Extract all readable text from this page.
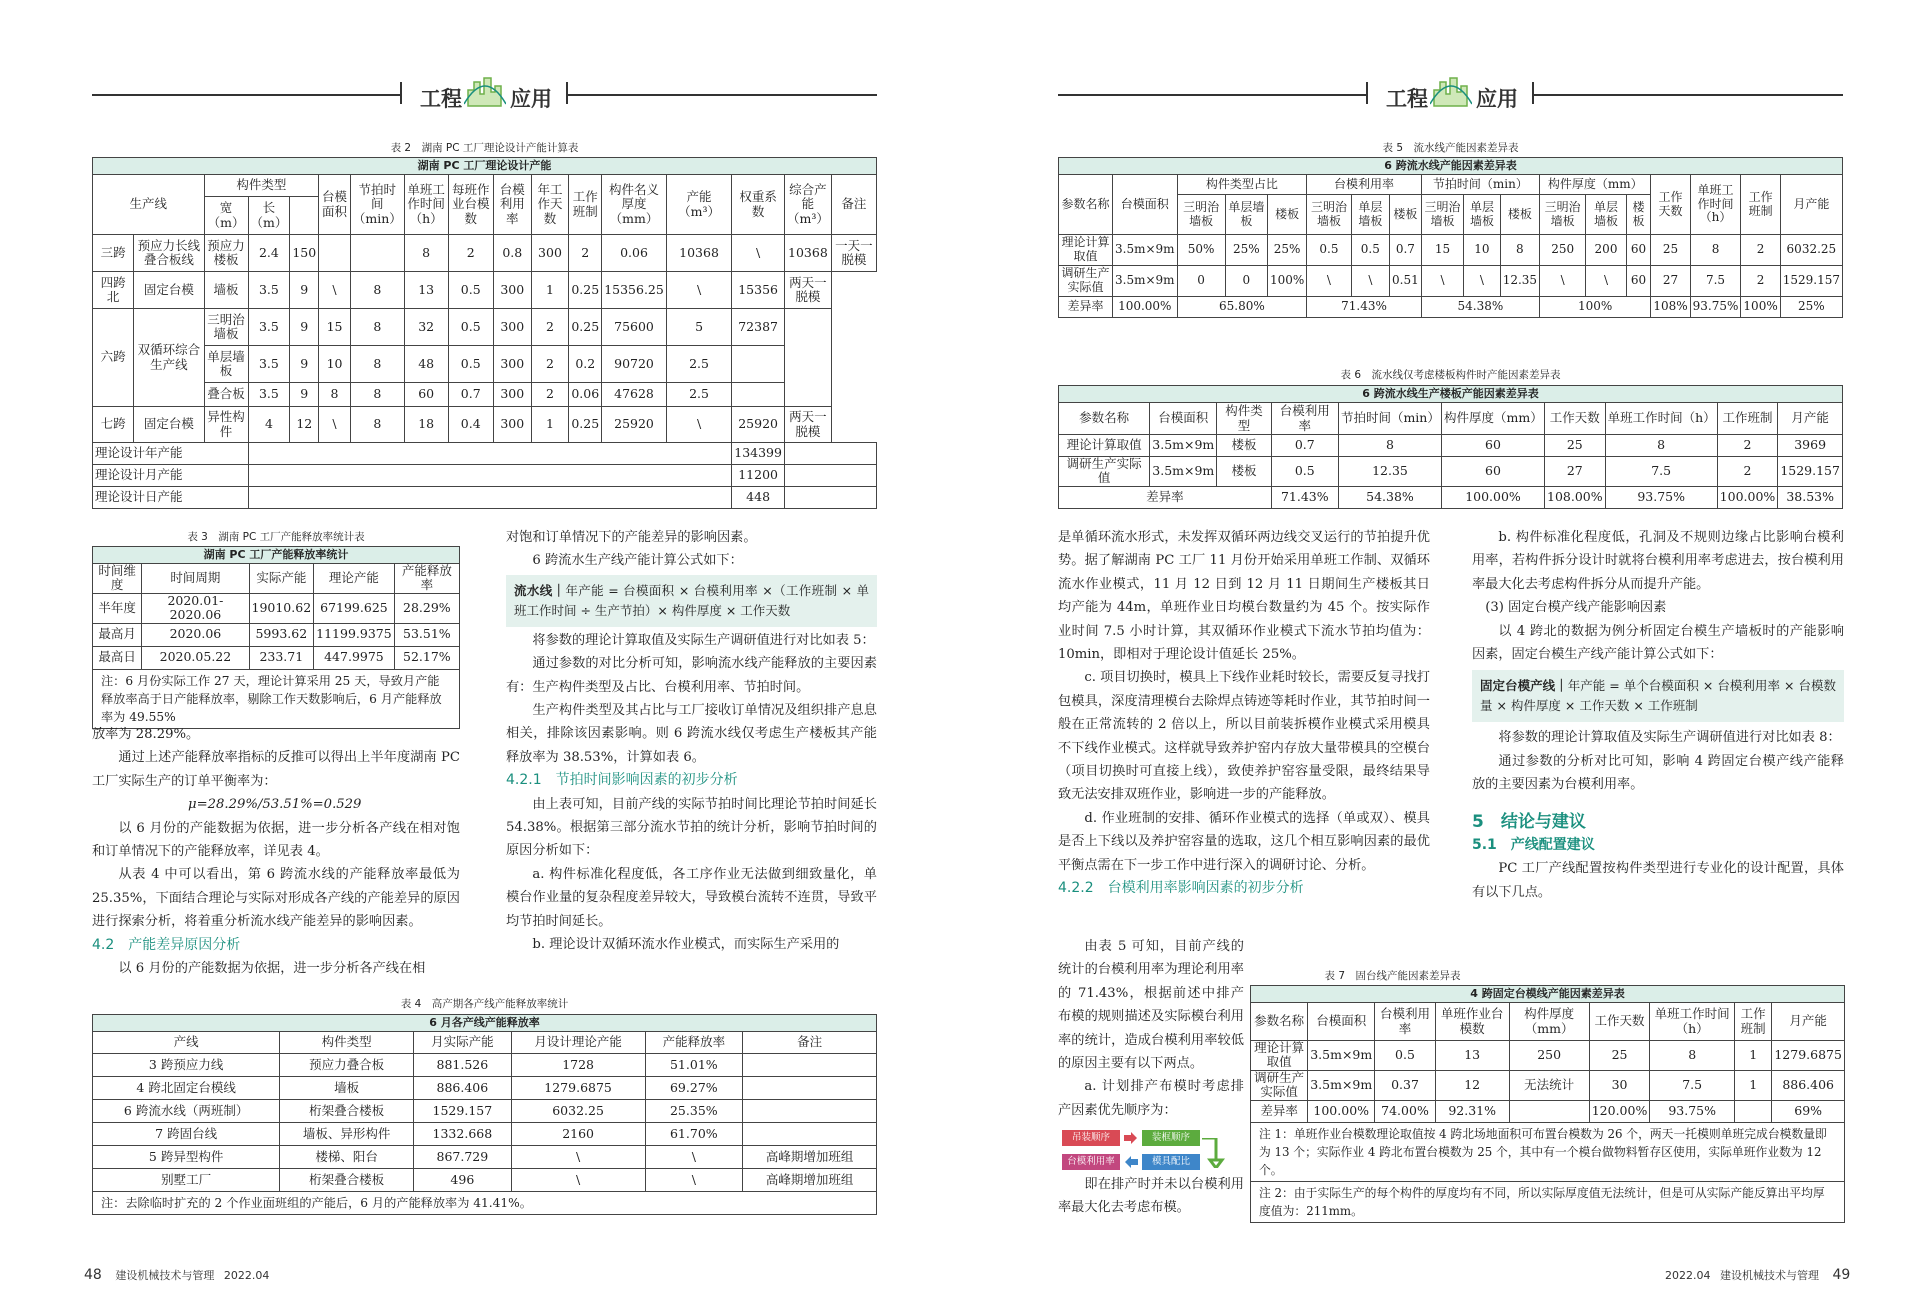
工程 应用
表 2　湖南 PC 工厂理论设计产能计算表
湖南 PC 工厂理论设计产能																
生产线		构件类型			台模面积	节拍时间（min）	单班工作时间（h）	每班作业台模数	台模利用率	年工作天数	工作班制	构件名义厚度（mm）	产能（m³）	权重系数	综合产能（m³）	备注
		宽（m）	长（m）													
三跨	预应力长线叠合板线	预应力楼板	2.4	150			8	2	0.8	300	2	0.06	10368	\	10368	一天一脱模
四跨北	固定台模	墙板	3.5	9	\	8	13	0.5	300	1	0.25	15356.25	\	15356	两天一脱模	
六跨	双循环综合生产线	三明治墙板	3.5	9	15	8	32	0.5	300	2	0.25	75600	5	72387		
		单层墙板	3.5	9	10	8	48	0.5	300	2	0.2	90720	2.5			
		叠合板	3.5	9	8	8	60	0.7	300	2	0.06	47628	2.5			
七跨	固定台模	异性构件	4	12	\	8	18	0.4	300	1	0.25	25920	\	25920	两天一脱模	
理论设计年产能														134399		
理论设计月产能														11200		
理论设计日产能														448		
表 3　湖南 PC 工厂产能释放率统计表
湖南 PC 工厂产能释放率统计				
时间维度	时间周期	实际产能	理论产能	产能释放率
半年度	2020.01-2020.06	19010.62	67199.625	28.29%
最高月	2020.06	5993.62	11199.9375	53.51%
最高日	2020.05.22	233.71	447.9975	52.17%
注：6 月份实际工作 27 天，理论计算采用 25 天，导致月产能释放率高于日产能释放率，剔除工作天数影响后，6 月产能释放率为 49.55%

放率为 28.29%。

通过上述产能释放率指标的反推可以得出上半年度湖南 PC 工厂实际生产的订单平衡率为：

μ=28.29%/53.51%=0.529

以 6 月份的产能数据为依据，进一步分析各产线在相对饱和订单情况下的产能释放率，详见表 4。

从表 4 中可以看出，第 6 跨流水线的产能释放率最低为 25.35%，下面结合理论与实际对形成各产线的产能差异的原因进行探索分析，将着重分析流水线产能差异的影响因素。

4.2　产能差异原因分析

以 6 月份的产能数据为依据，进一步分析各产线在相

对饱和订单情况下的产能差异的影响因素。

6 跨流水生产线产能计算公式如下：

流水线｜年产能 = 台模面积 × 台模利用率 ×（工作班制 × 单班工作时间 ÷ 生产节拍）× 构件厚度 × 工作天数

将参数的理论计算取值及实际生产调研值进行对比如表 5：

通过参数的对比分析可知，影响流水线产能释放的主要因素有：生产构件类型及占比、台模利用率、节拍时间。

生产构件类型及其占比与工厂接收订单情况及组织排产息息相关，排除该因素影响。则 6 跨流水线仅考虑生产楼板其产能释放率为 38.53%，计算如表 6。

4.2.1　节拍时间影响因素的初步分析

由上表可知，目前产线的实际节拍时间比理论节拍时间延长 54.38%。根据第三部分流水节拍的统计分析，影响节拍时间的原因分析如下：

a. 构件标准化程度低，各工序作业无法做到细致量化，单模台作业量的复杂程度差异较大，导致模台流转不连贯，导致平均节拍时间延长。

b. 理论设计双循环流水作业模式，而实际生产采用的

表 4　高产期各产线产能释放率统计
6 月各产线产能释放率					
产线	构件类型	月实际产能	月设计理论产能	产能释放率	备注
3 跨预应力线	预应力叠合板	881.526	1728	51.01%	
4 跨北固定台模线	墙板	886.406	1279.6875	69.27%	
6 跨流水线（两班制）	桁架叠合楼板	1529.157	6032.25	25.35%	
7 跨固台线	墙板、异形构件	1332.668	2160	61.70%	
5 跨异型构件	楼梯、阳台	867.729	\	\	高峰期增加班组
别墅工厂	桁架叠合楼板	496	\	\	高峰期增加班组
注：去除临时扩充的 2 个作业面班组的产能后，6 月的产能释放率为 41.41%。
48 建设机械技术与管理 2022.04
工程 应用
表 5　流水线产能因素差异表
6 跨流水线产能因素差异表																	
参数名称	台模面积	构件类型占比			台模利用率			节拍时间（min）			构件厚度（mm）			工作天数	单班工作时间（h）	工作班制	月产能
		三明治墙板	单层墙板	楼板	三明治墙板	单层墙板	楼板	三明治墙板	单层墙板	楼板	三明治墙板	单层墙板	楼板				
理论计算取值	3.5m×9m	50%	25%	25%	0.5	0.5	0.7	15	10	8	250	200	60	25	8	2	6032.25
调研生产实际值	3.5m×9m	0	0	100%	\	\	0.51	\	\	12.35	\	\	60	27	7.5	2	1529.157
差异率	100.00%	65.80%			71.43%			54.38%			100%			108%	93.75%	100%	25%
表 6　流水线仅考虑楼板构件时产能因素差异表
6 跨流水线生产楼板产能因素差异表									
参数名称	台模面积	构件类型	台模利用率	节拍时间（min）	构件厚度（mm）	工作天数	单班工作时间（h）	工作班制	月产能
理论计算取值	3.5m×9m	楼板	0.7	8	60	25	8	2	3969
调研生产实际值	3.5m×9m	楼板	0.5	12.35	60	27	7.5	2	1529.157
差异率			71.43%	54.38%	100.00%	108.00%	93.75%	100.00%	38.53%

是单循环流水形式，未发挥双循环两边线交叉运行的节拍提升优势。据了解湖南 PC 工厂 11 月份开始采用单班工作制、双循环流水作业模式，11 月 12 日到 12 月 11 日期间生产楼板其日均产能为 44m，单班作业日均模台数量约为 45 个。按实际作业时间 7.5 小时计算，其双循环作业模式下流水节拍均值为：10min，即相对于理论设计值延长 25%。

c. 项目切换时，模具上下线作业耗时较长，需要反复寻找打包模具，深度清理模台去除焊点铸迹等耗时作业，其节拍时间一般在正常流转的 2 倍以上，所以目前装拆模作业模式采用模具不下线作业模式。这样就导致养护窑内存放大量带模具的空模台（项目切换时可直接上线），致使养护窑容量受限，最终结果导致无法安排双班作业，影响进一步的产能释放。

d. 作业班制的安排、循环作业模式的选择（单或双）、模具是否上下线以及养护窑容量的选取，这几个相互影响因素的最优平衡点需在下一步工作中进行深入的调研讨论、分析。

4.2.2　台模利用率影响因素的初步分析

由表 5 可知，目前产线的统计的台模利用率为理论利用率的 71.43%，根据前述中排产布模的规则描述及实际模台利用率的统计，造成台模利用率较低的原因主要有以下两点。

a. 计划排产布模时考虑排产因素优先顺序为：

吊装顺序	装框顺序
台模利用率	模具配比

即在排产时并未以台模利用率最大化去考虑布模。

b. 构件标准化程度低，孔洞及不规则边缘占比影响台模利用率，若构件拆分设计时就将台模利用率考虑进去，按台模利用率最大化去考虑构件拆分从而提升产能。

(3) 固定台模产线产能影响因素

以 4 跨北的数据为例分析固定台模生产墙板时的产能影响因素，固定台模生产线产能计算公式如下：

固定台模产线｜年产能 = 单个台模面积 × 台模利用率 × 台模数量 × 构件厚度 × 工作天数 × 工作班制

将参数的理论计算取值及实际生产调研值进行对比如表 8：

通过参数的分析对比可知，影响 4 跨固定台模产线产能释放的主要因素为台模利用率。

5　结论与建议

5.1　产线配置建议

PC 工厂产线配置按构件类型进行专业化的设计配置，具体有以下几点。

表 7　固台线产能因素差异表
4 跨固定台模线产能因素差异表								
参数名称	台模面积	台模利用率	单班作业台模数	构件厚度（mm）	工作天数	单班工作时间（h）	工作班制	月产能
理论计算取值	3.5m×9m	0.5	13	250	25	8	1	1279.6875
调研生产实际值	3.5m×9m	0.37	12	无法统计	30	7.5	1	886.406
差异率	100.00%	74.00%	92.31%		120.00%	93.75%		69%
注 1：单班作业台模数理论取值按 4 跨北场地面积可布置台模数为 26 个，两天一托模则单班完成台模数量即为 13 个；实际作业 4 跨北布置台模数为 25 个，其中有一个模台做物料暂存区使用，实际单班作业数为 12 个。
注 2：由于实际生产的每个构件的厚度均有不同，所以实际厚度值无法统计，但是可从实际产能反算出平均厚度值为：211mm。
2022.04 建设机械技术与管理 49
